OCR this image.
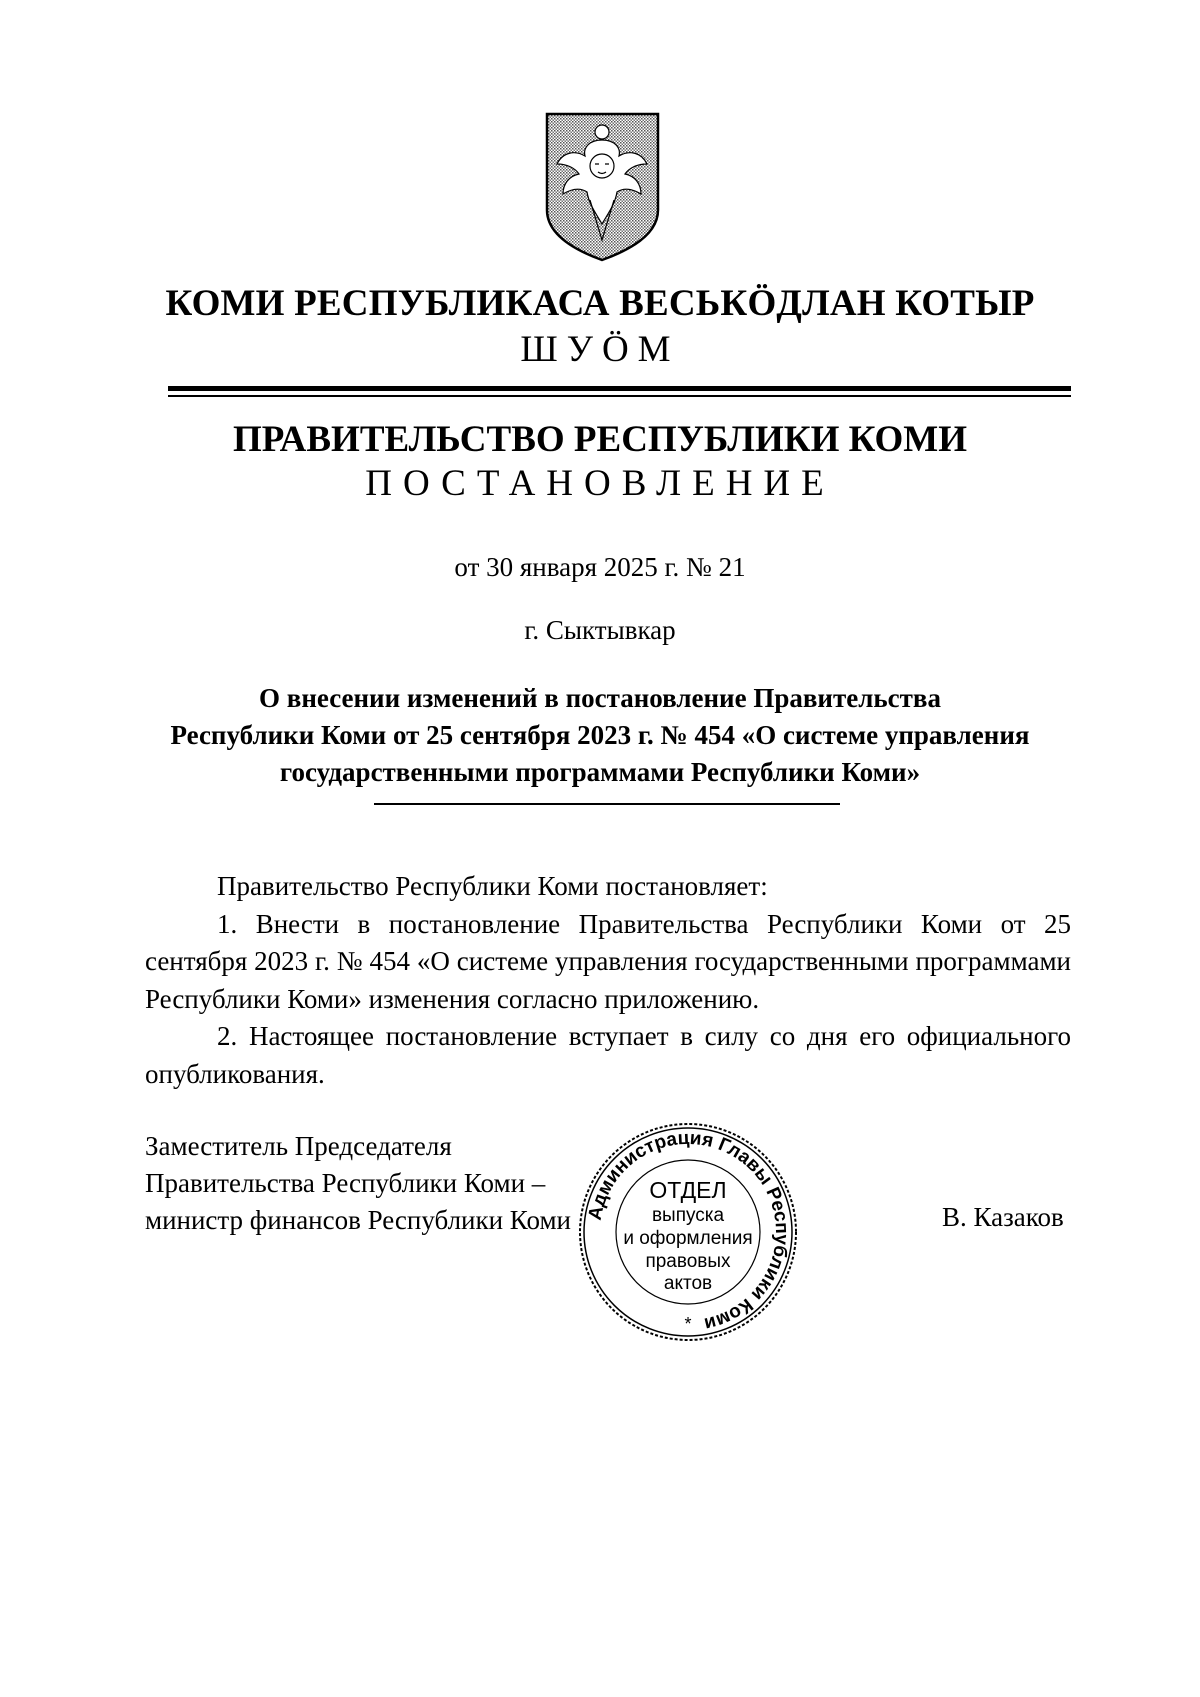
КОМИ РЕСПУБЛИКАСА ВЕСЬКӦДЛАН КОТЫР
ШУӦМ
ПРАВИТЕЛЬСТВО РЕСПУБЛИКИ КОМИ
ПОСТАНОВЛЕНИЕ
от 30 января 2025 г. № 21
г. Сыктывкар
О внесении изменений в постановление Правительства
Республики Коми от 25 сентября 2023 г. № 454 «О системе управления
государственными программами Республики Коми»

Правительство Республики Коми постановляет:

1. Внести в постановление Правительства Республики Коми от 25 сентября 2023 г. № 454 «О системе управления государственными программами Республики Коми» изменения согласно приложению.

2. Настоящее постановление вступает в силу со дня его официального опубликования.

Заместитель Председателя
Правительства Республики Коми –
министр финансов Республики Коми	В. Казаков
Администрация Главы Республики Коми
ОТДЕЛ
выпуска
и оформления
правовых
актов
*
